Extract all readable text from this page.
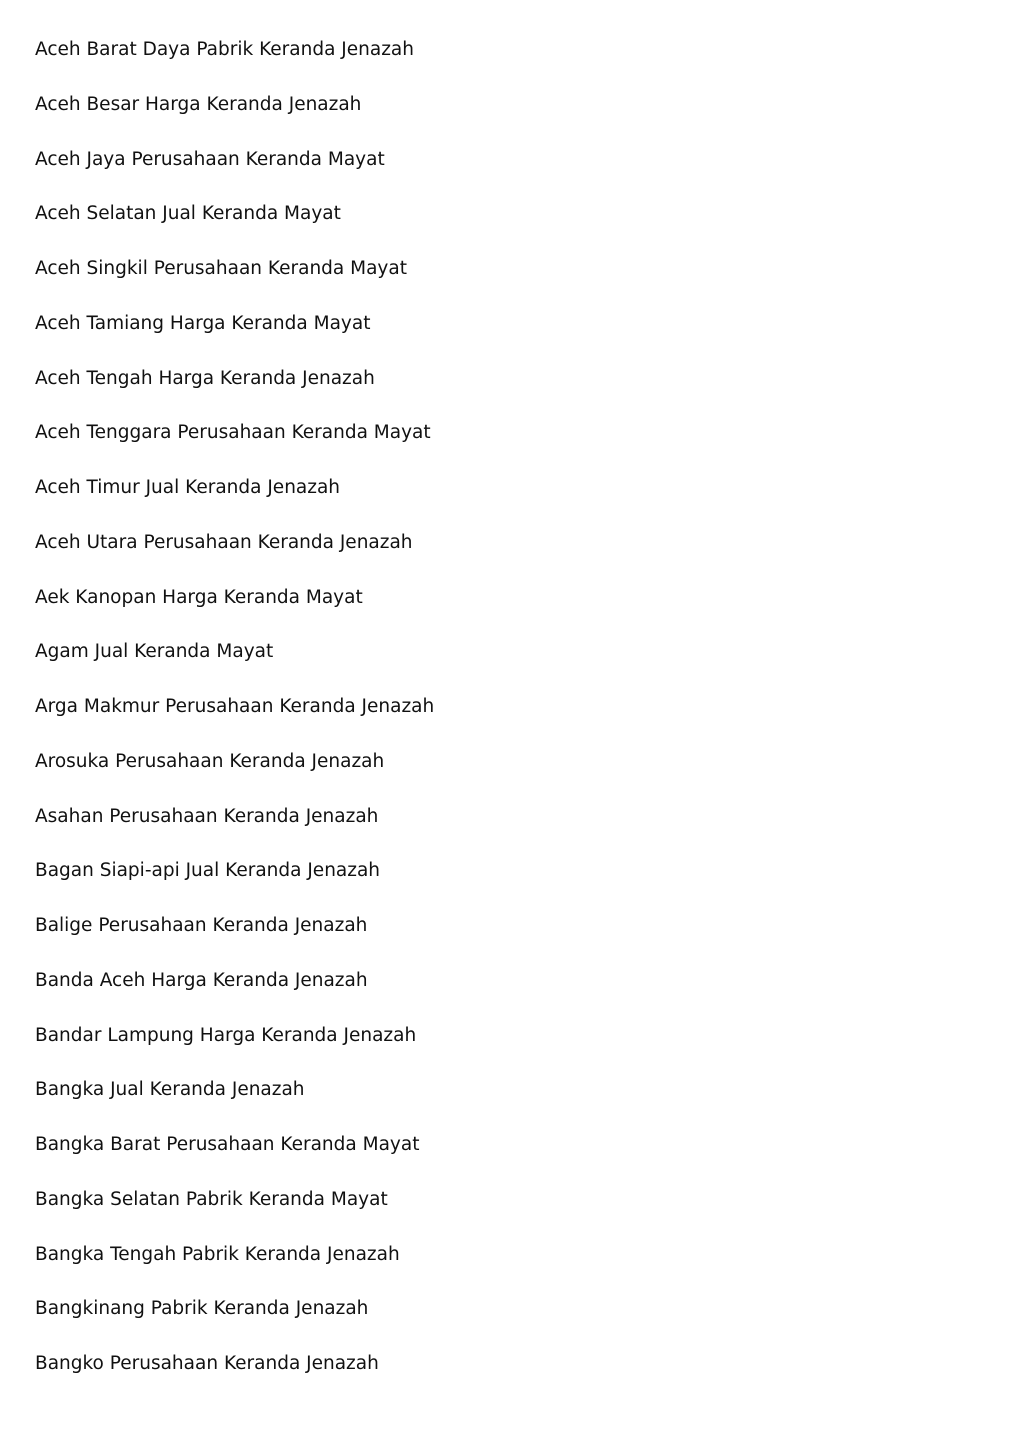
Aceh Barat Daya Pabrik Keranda Jenazah
Aceh Besar Harga Keranda Jenazah
Aceh Jaya Perusahaan Keranda Mayat
Aceh Selatan Jual Keranda Mayat
Aceh Singkil Perusahaan Keranda Mayat
Aceh Tamiang Harga Keranda Mayat
Aceh Tengah Harga Keranda Jenazah
Aceh Tenggara Perusahaan Keranda Mayat
Aceh Timur Jual Keranda Jenazah
Aceh Utara Perusahaan Keranda Jenazah
Aek Kanopan Harga Keranda Mayat
Agam Jual Keranda Mayat
Arga Makmur Perusahaan Keranda Jenazah
Arosuka Perusahaan Keranda Jenazah
Asahan Perusahaan Keranda Jenazah
Bagan Siapi-api Jual Keranda Jenazah
Balige Perusahaan Keranda Jenazah
Banda Aceh Harga Keranda Jenazah
Bandar Lampung Harga Keranda Jenazah
Bangka Jual Keranda Jenazah
Bangka Barat Perusahaan Keranda Mayat
Bangka Selatan Pabrik Keranda Mayat
Bangka Tengah Pabrik Keranda Jenazah
Bangkinang Pabrik Keranda Jenazah
Bangko Perusahaan Keranda Jenazah
